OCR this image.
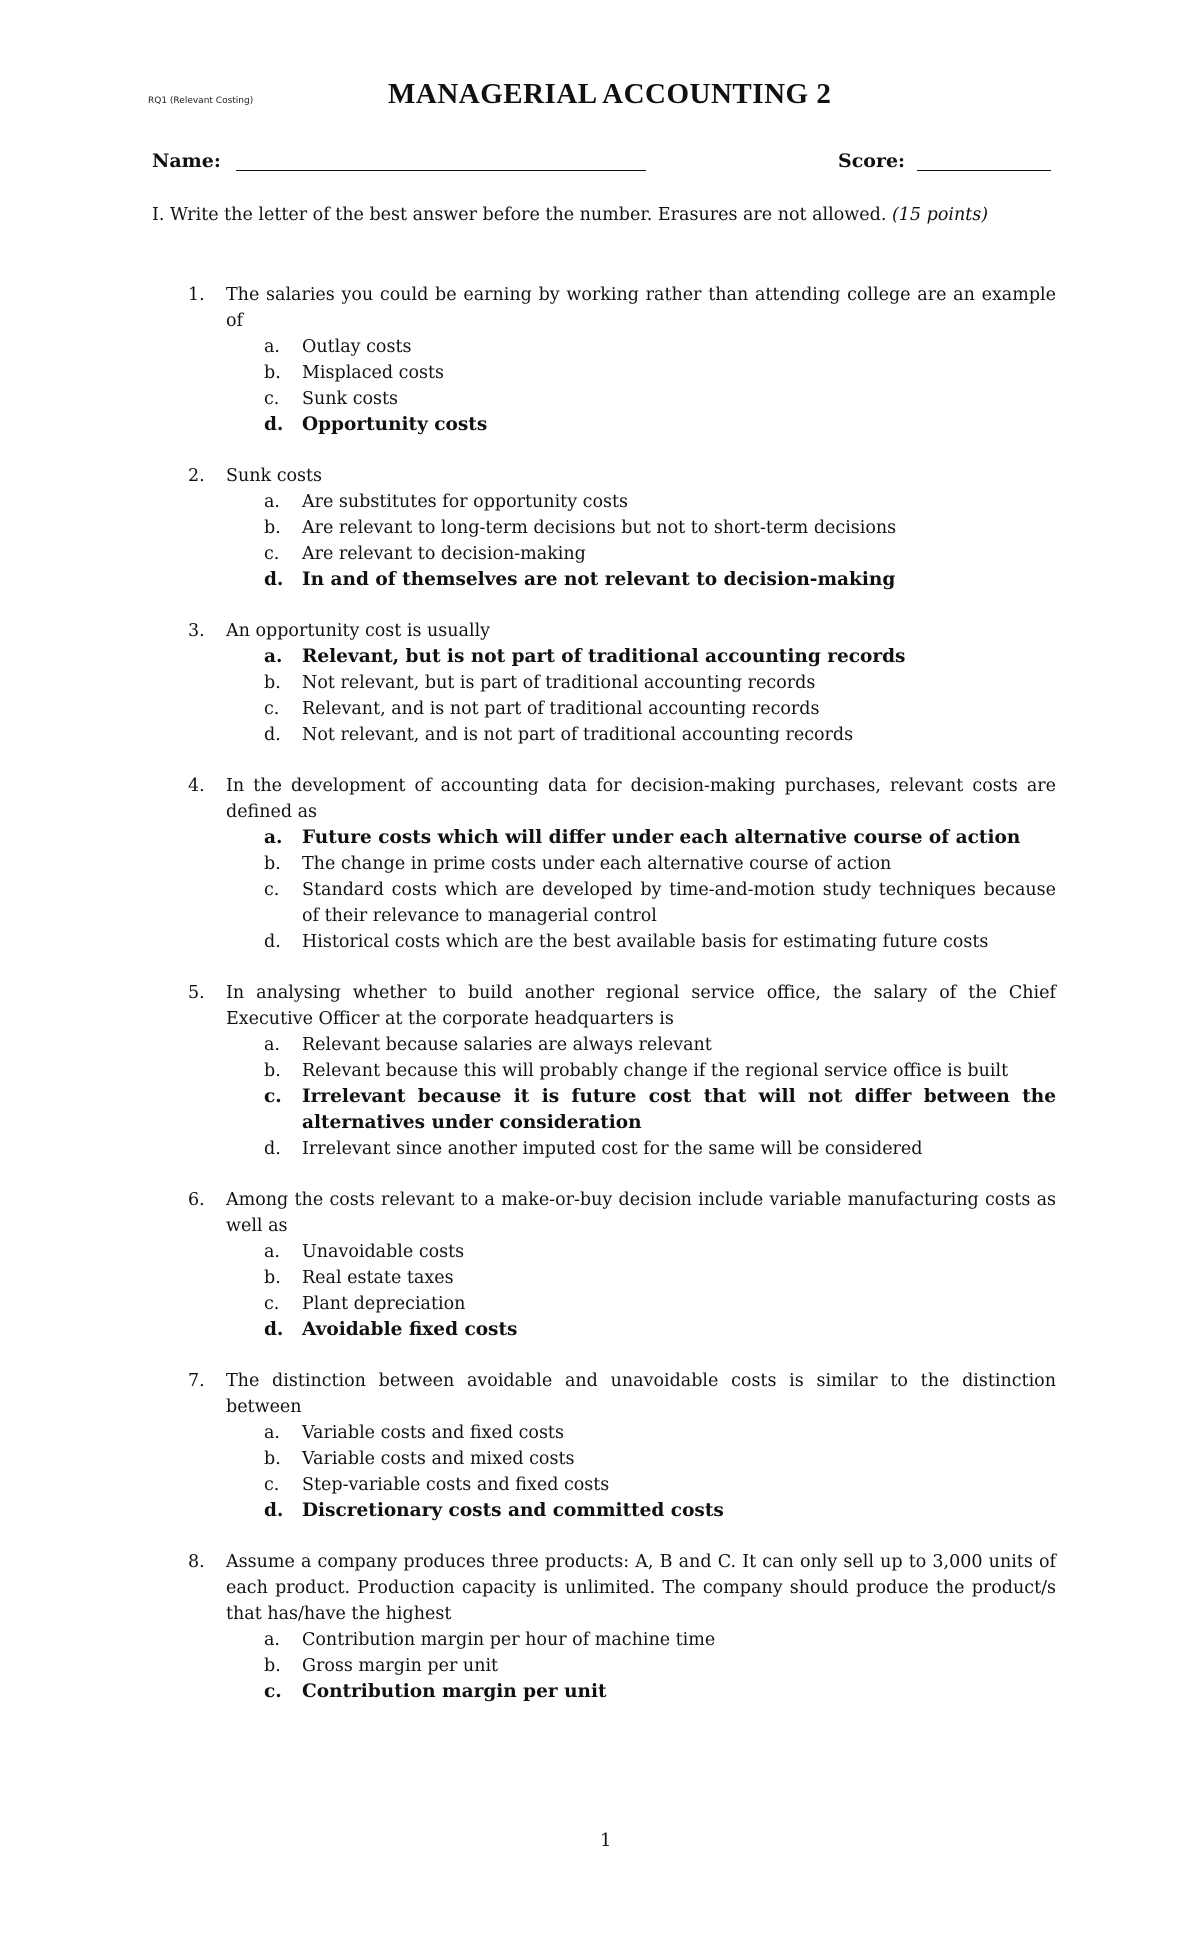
RQ1 (Relevant Costing)	MANAGERIAL ACCOUNTING 2
Name:	Score:
I. Write the letter of the best answer before the number. Erasures are not allowed. (15 points)
1. The salaries you could be earning by working rather than attending college are an example of
a. Outlay costs
b. Misplaced costs
c. Sunk costs
d. Opportunity costs
2. Sunk costs
a. Are substitutes for opportunity costs
b. Are relevant to long-term decisions but not to short-term decisions
c. Are relevant to decision-making
d. In and of themselves are not relevant to decision-making
3. An opportunity cost is usually
a. Relevant, but is not part of traditional accounting records
b. Not relevant, but is part of traditional accounting records
c. Relevant, and is not part of traditional accounting records
d. Not relevant, and is not part of traditional accounting records
4. In the development of accounting data for decision-making purchases, relevant costs are defined as
a. Future costs which will differ under each alternative course of action
b. The change in prime costs under each alternative course of action
c. Standard costs which are developed by time-and-motion study techniques because of their relevance to managerial control
d. Historical costs which are the best available basis for estimating future costs
5. In analysing whether to build another regional service office, the salary of the Chief Executive Officer at the corporate headquarters is
a. Relevant because salaries are always relevant
b. Relevant because this will probably change if the regional service office is built
c. Irrelevant because it is future cost that will not differ between the alternatives under consideration
d. Irrelevant since another imputed cost for the same will be considered
6. Among the costs relevant to a make-or-buy decision include variable manufacturing costs as well as
a. Unavoidable costs
b. Real estate taxes
c. Plant depreciation
d. Avoidable fixed costs
7. The distinction between avoidable and unavoidable costs is similar to the distinction between
a. Variable costs and fixed costs
b. Variable costs and mixed costs
c. Step-variable costs and fixed costs
d. Discretionary costs and committed costs
8. Assume a company produces three products: A, B and C. It can only sell up to 3,000 units of each product. Production capacity is unlimited. The company should produce the product/s that has/have the highest
a. Contribution margin per hour of machine time
b. Gross margin per unit
c. Contribution margin per unit
1
